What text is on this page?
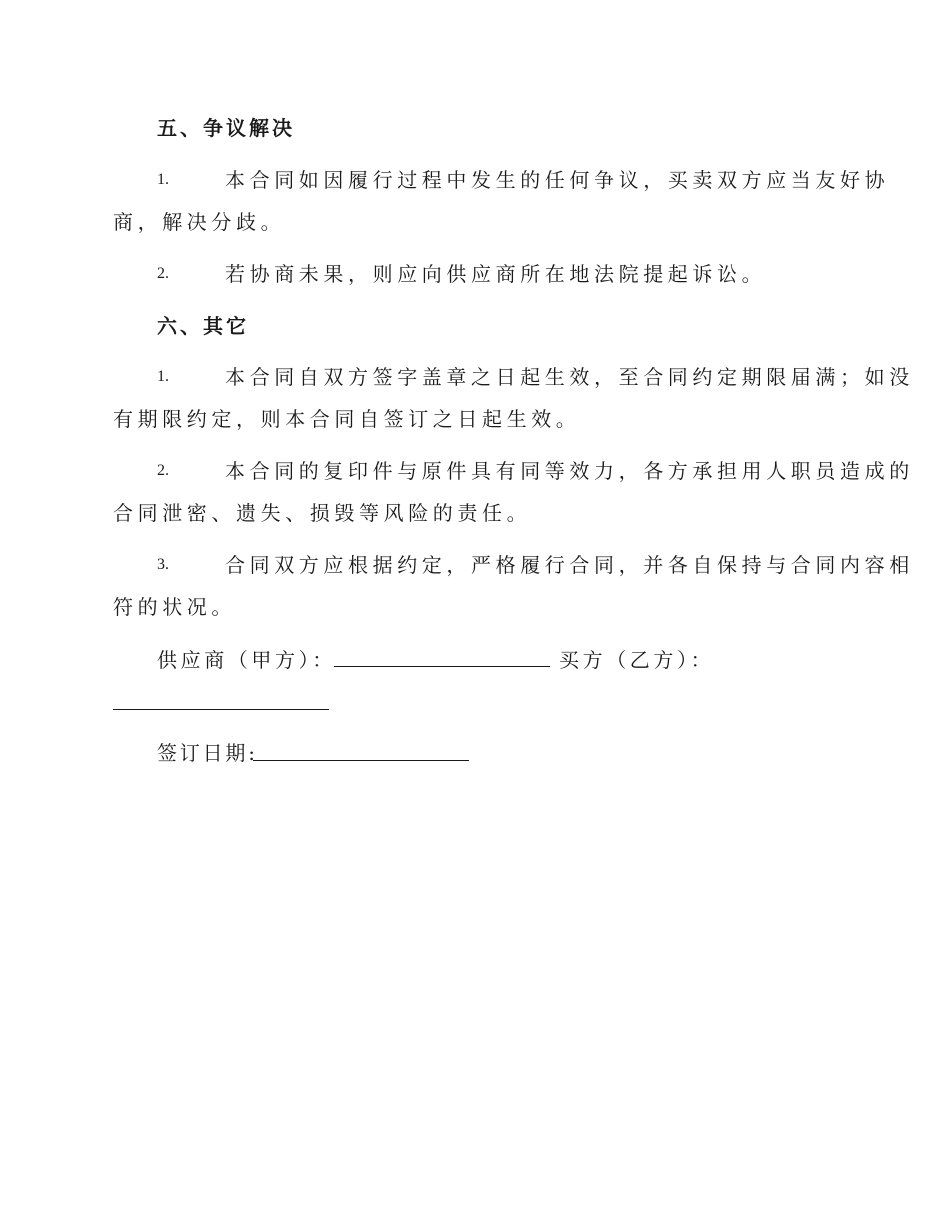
五、争议解决
1.	本合同如因履行过程中发生的任何争议，买卖双方应当友好协
商，解决分歧。
2.	若协商未果，则应向供应商所在地法院提起诉讼。
六、其它
1.	本合同自双方签字盖章之日起生效，至合同约定期限届满；如没
有期限约定，则本合同自签订之日起生效。
2.	本合同的复印件与原件具有同等效力，各方承担用人职员造成的
合同泄密、遗失、损毁等风险的责任。
3.	合同双方应根据约定，严格履行合同，并各自保持与合同内容相
符的状况。
供应商（甲方）：	买方（乙方）：
签订日期:
